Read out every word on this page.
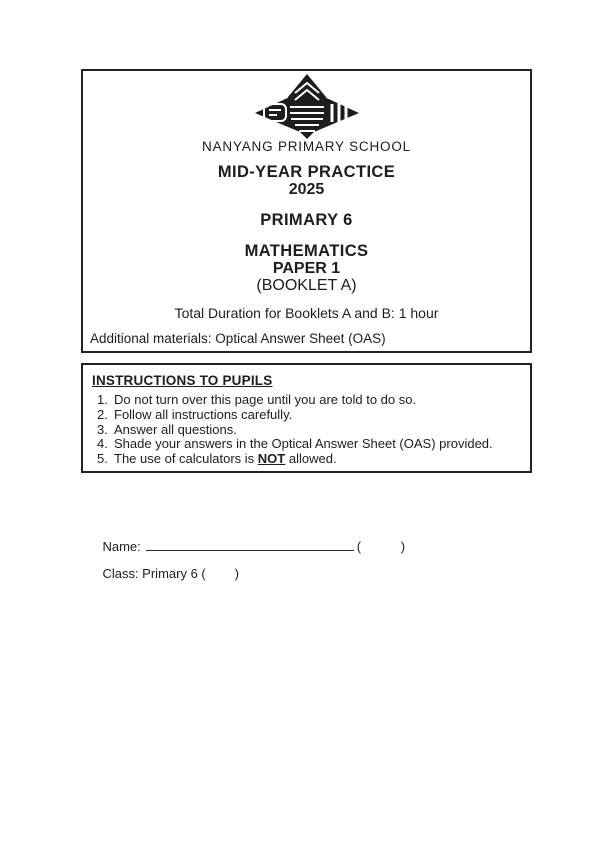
NANYANG PRIMARY SCHOOL
MID-YEAR PRACTICE
2025
PRIMARY 6
MATHEMATICS
PAPER 1
(BOOKLET A)
Total Duration for Booklets A and B: 1 hour
Additional materials: Optical Answer Sheet (OAS)
INSTRUCTIONS TO PUPILS
1. Do not turn over this page until you are told to do so.
2. Follow all instructions carefully.
3. Answer all questions.
4. Shade your answers in the Optical Answer Sheet (OAS) provided.
5. The use of calculators is NOT allowed.

Name:	(           )

Class: Primary 6 (        )
